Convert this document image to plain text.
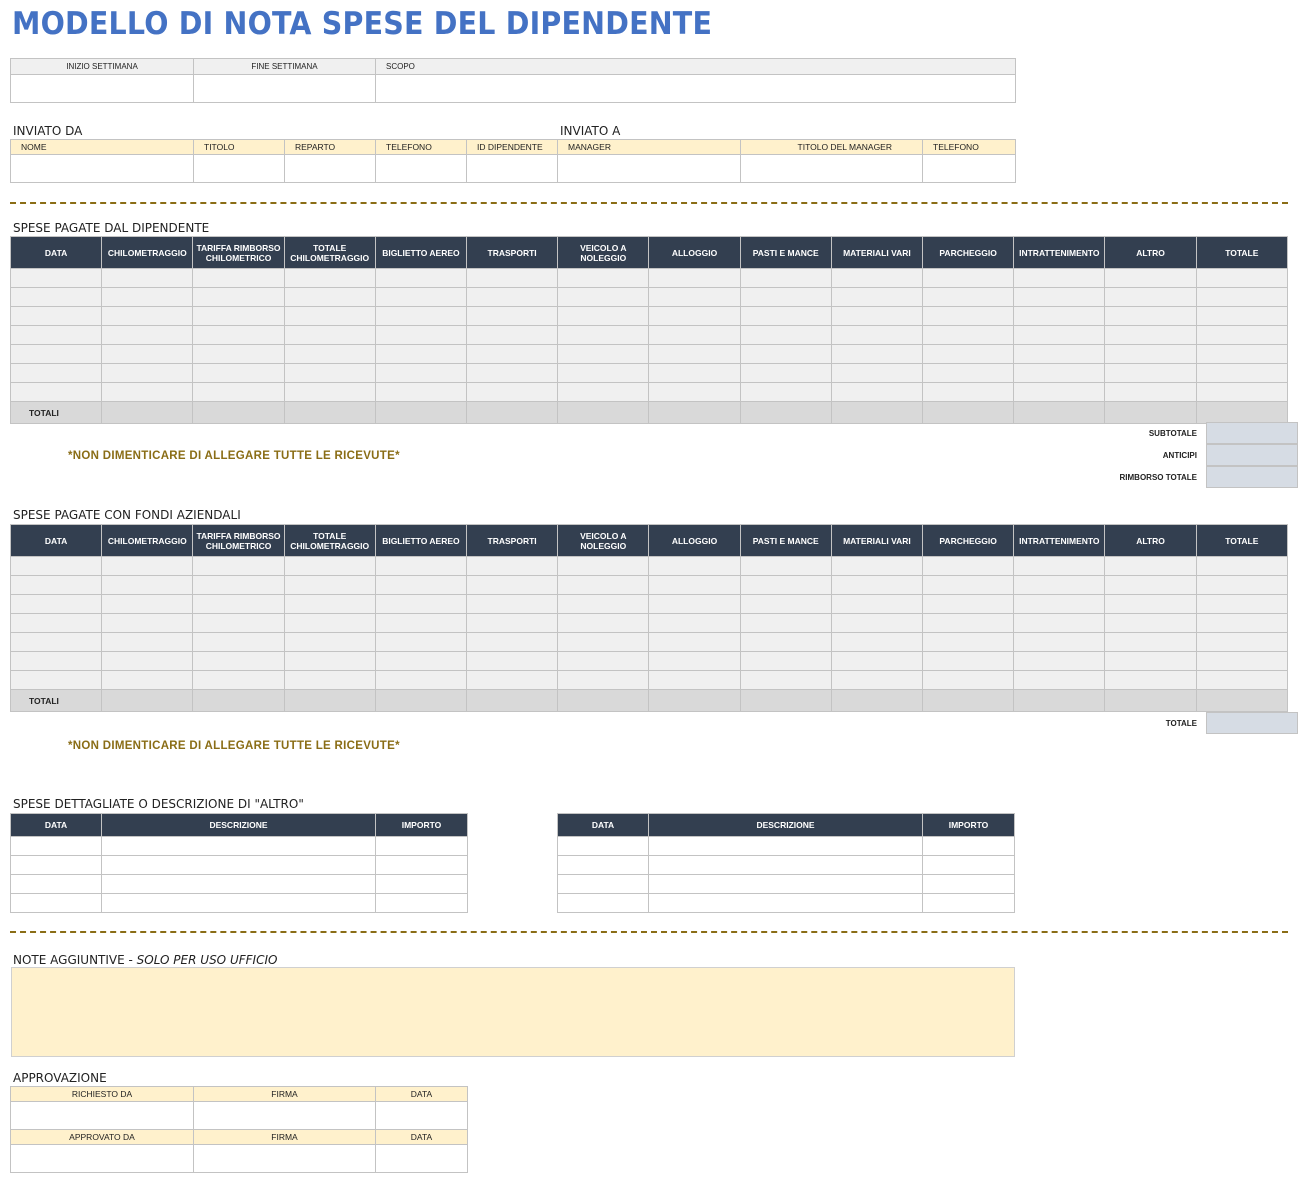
MODELLO DI NOTA SPESE DEL DIPENDENTE
INIZIO SETTIMANA	FINE SETTIMANA	SCOPO

INVIATO DA	INVIATO A
NOME	TITOLO	REPARTO	TELEFONO	ID DIPENDENTE	MANAGER	TITOLO DEL MANAGER	TELEFONO

SPESE PAGATE DAL DIPENDENTE
DATA	CHILOMETRAGGIO	TARIFFA RIMBORSO CHILOMETRICO	TOTALE CHILOMETRAGGIO	BIGLIETTO AEREO	TRASPORTI	VEICOLO A NOLEGGIO	ALLOGGIO	PASTI E MANCE	MATERIALI VARI	PARCHEGGIO	INTRATTENIMENTO	ALTRO	TOTALE

TOTALI													
*NON DIMENTICARE DI ALLEGARE TUTTE LE RICEVUTE*
SUBTOTALE
ANTICIPI
RIMBORSO TOTALE
SPESE PAGATE CON FONDI AZIENDALI
DATA	CHILOMETRAGGIO	TARIFFA RIMBORSO CHILOMETRICO	TOTALE CHILOMETRAGGIO	BIGLIETTO AEREO	TRASPORTI	VEICOLO A NOLEGGIO	ALLOGGIO	PASTI E MANCE	MATERIALI VARI	PARCHEGGIO	INTRATTENIMENTO	ALTRO	TOTALE

TOTALI													
TOTALE
*NON DIMENTICARE DI ALLEGARE TUTTE LE RICEVUTE*
SPESE DETTAGLIATE O DESCRIZIONE DI "ALTRO"
DATA	DESCRIZIONE	IMPORTO

			DATA	DESCRIZIONE	IMPORTO

NOTE AGGIUNTIVE - SOLO PER USO UFFICIO
APPROVAZIONE
RICHIESTO DA	FIRMA	DATA

APPROVATO DA	FIRMA	DATA
